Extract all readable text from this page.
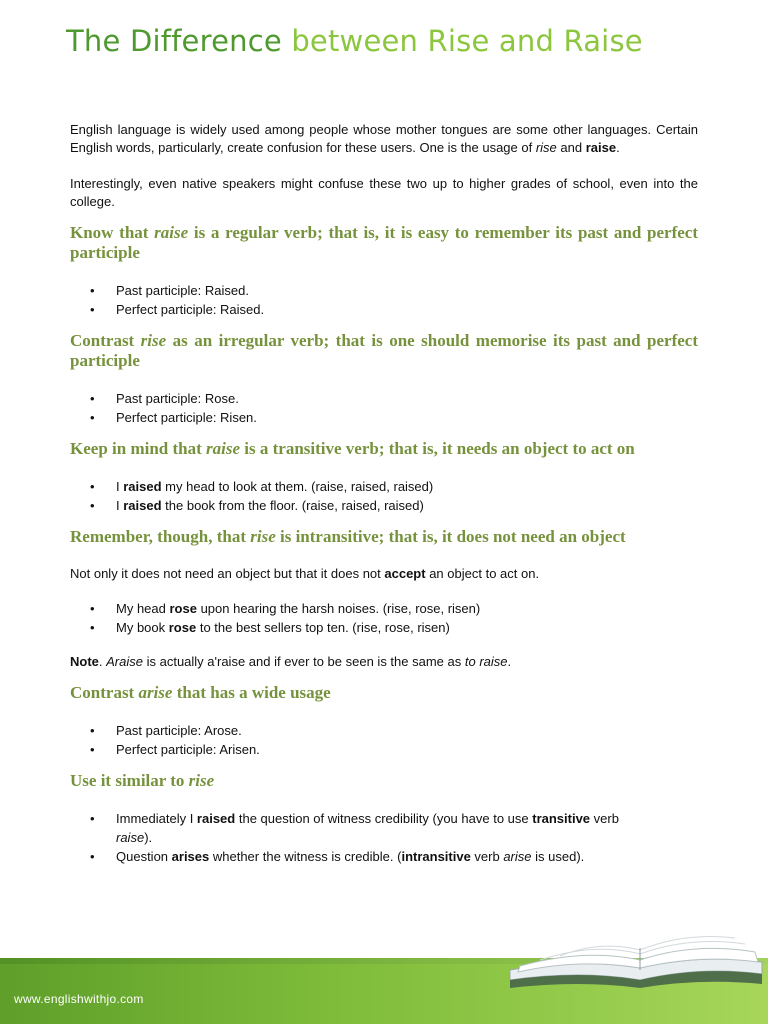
The Difference between Rise and Raise

English language is widely used among people whose mother tongues are some other languages. Certain English words, particularly, create confusion for these users. One is the usage of rise and raise.

Interestingly, even native speakers might confuse these two up to higher grades of school, even into the college.

Know that raise is a regular verb; that is, it is easy to remember its past and perfect participle
• Past participle: Raised.
• Perfect participle: Raised.
Contrast rise as an irregular verb; that is one should memorise its past and perfect participle
• Past participle: Rose.
• Perfect participle: Risen.
Keep in mind that raise is a transitive verb; that is, it needs an object to act on
• I raised my head to look at them. (raise, raised, raised)
• I raised the book from the floor. (raise, raised, raised)
Remember, though, that rise is intransitive; that is, it does not need an object

Not only it does not need an object but that it does not accept an object to act on.

• My head rose upon hearing the harsh noises. (rise, rose, risen)
• My book rose to the best sellers top ten. (rise, rose, risen)

Note. Araise is actually a'raise and if ever to be seen is the same as to raise.

Contrast arise that has a wide usage
• Past participle: Arose.
• Perfect participle: Arisen.
Use it similar to rise
• Immediately I raised the question of witness credibility (you have to use transitive verb raise).
• Question arises whether the witness is credible. (intransitive verb arise is used).
www.englishwithjo.com
